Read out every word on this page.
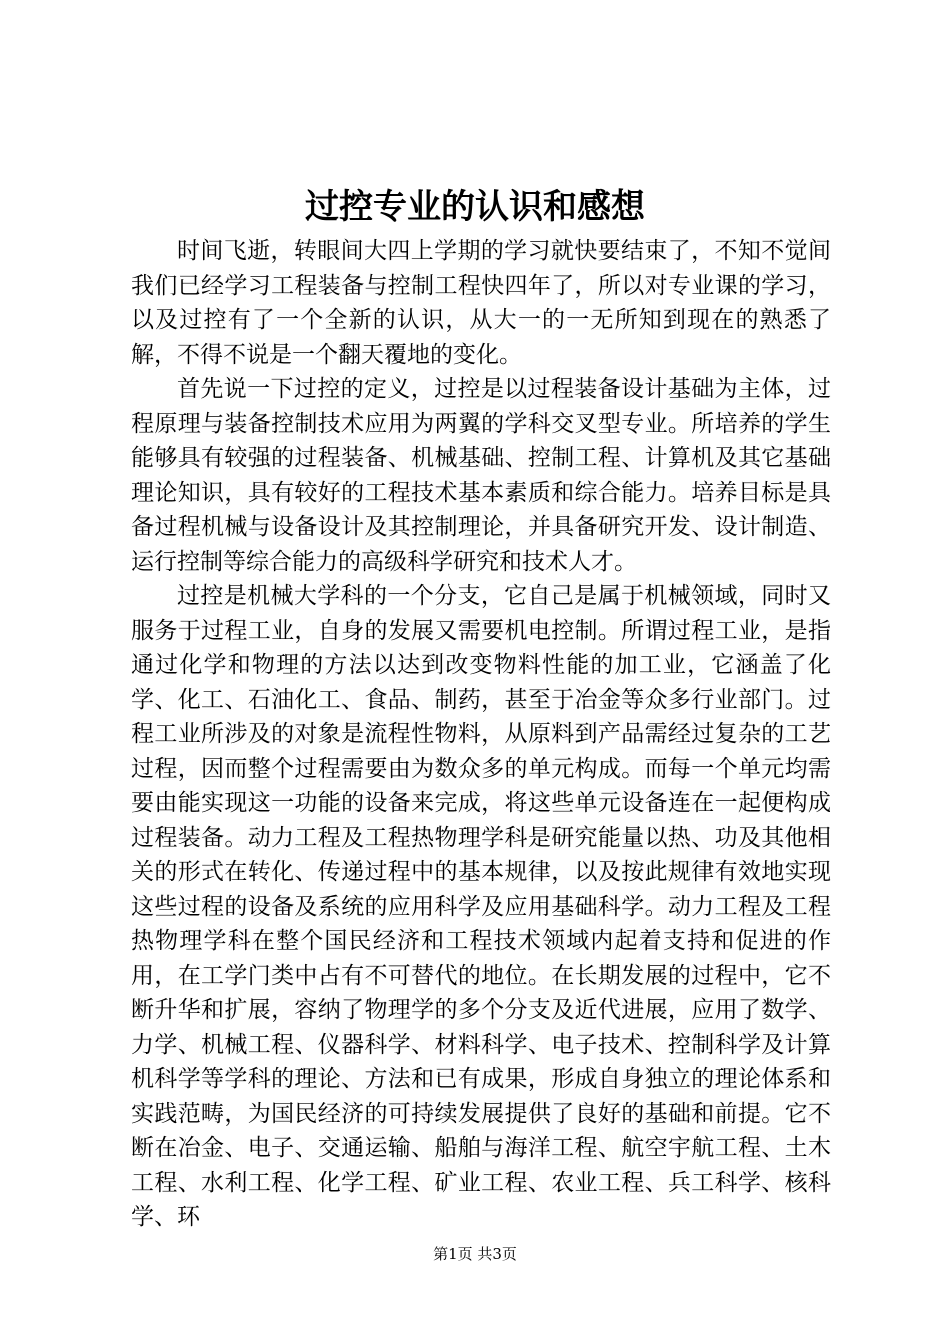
过控专业的认识和感想

时间飞逝，转眼间大四上学期的学习就快要结束了，不知不觉间我们已经学习工程装备与控制工程快四年了，所以对专业课的学习，以及过控有了一个全新的认识，从大一的一无所知到现在的熟悉了解，不得不说是一个翻天覆地的变化。

首先说一下过控的定义，过控是以过程装备设计基础为主体，过程原理与装备控制技术应用为两翼的学科交叉型专业。所培养的学生能够具有较强的过程装备、机械基础、控制工程、计算机及其它基础理论知识，具有较好的工程技术基本素质和综合能力。培养目标是具备过程机械与设备设计及其控制理论，并具备研究开发、设计制造、运行控制等综合能力的高级科学研究和技术人才。

过控是机械大学科的一个分支，它自己是属于机械领域，同时又服务于过程工业，自身的发展又需要机电控制。所谓过程工业，是指通过化学和物理的方法以达到改变物料性能的加工业，它涵盖了化学、化工、石油化工、食品、制药，甚至于冶金等众多行业部门。过程工业所涉及的对象是流程性物料，从原料到产品需经过复杂的工艺过程，因而整个过程需要由为数众多的单元构成。而每一个单元均需要由能实现这一功能的设备来完成，将这些单元设备连在一起便构成过程装备。动力工程及工程热物理学科是研究能量以热、功及其他相关的形式在转化、传递过程中的基本规律，以及按此规律有效地实现这些过程的设备及系统的应用科学及应用基础科学。动力工程及工程热物理学科在整个国民经济和工程技术领域内起着支持和促进的作用，在工学门类中占有不可替代的地位。在长期发展的过程中，它不断升华和扩展，容纳了物理学的多个分支及近代进展，应用了数学、力学、机械工程、仪器科学、材料科学、电子技术、控制科学及计算机科学等学科的理论、方法和已有成果，形成自身独立的理论体系和实践范畴，为国民经济的可持续发展提供了良好的基础和前提。它不断在冶金、电子、交通运输、船舶与海洋工程、航空宇航工程、土木工程、水利工程、化学工程、矿业工程、农业工程、兵工科学、核科学、环

第1页 共3页
